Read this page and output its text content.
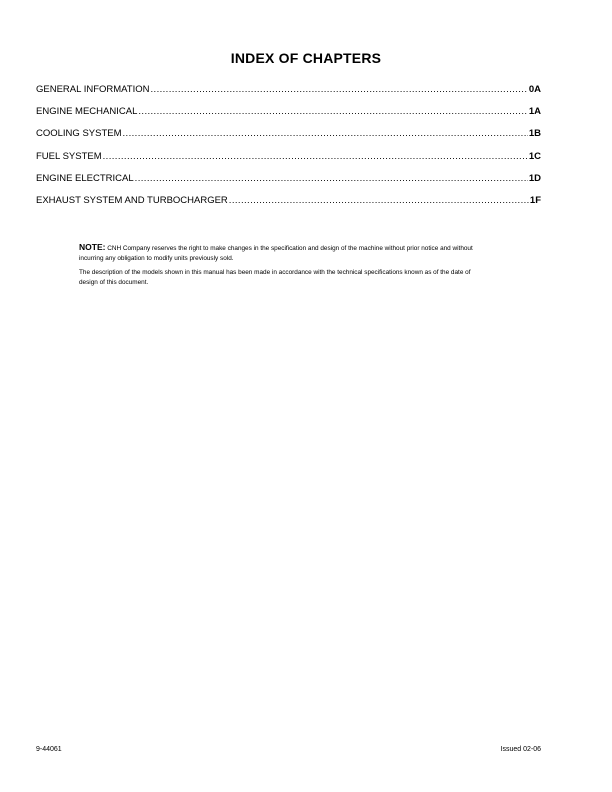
INDEX OF CHAPTERS
GENERAL INFORMATION .....	0A
ENGINE MECHANICAL .....	1A
COOLING SYSTEM .....	1B
FUEL SYSTEM .....	1C
ENGINE ELECTRICAL .....	1D
EXHAUST SYSTEM AND TURBOCHARGER .....	1F

NOTE: CNH Company reserves the right to make changes in the specification and design of the machine without prior notice and without incurring any obligation to modify units previously sold.

The description of the models shown in this manual has been made in accordance with the technical specifications known as of the date of design of this document.

9-44061	Issued 02-06
